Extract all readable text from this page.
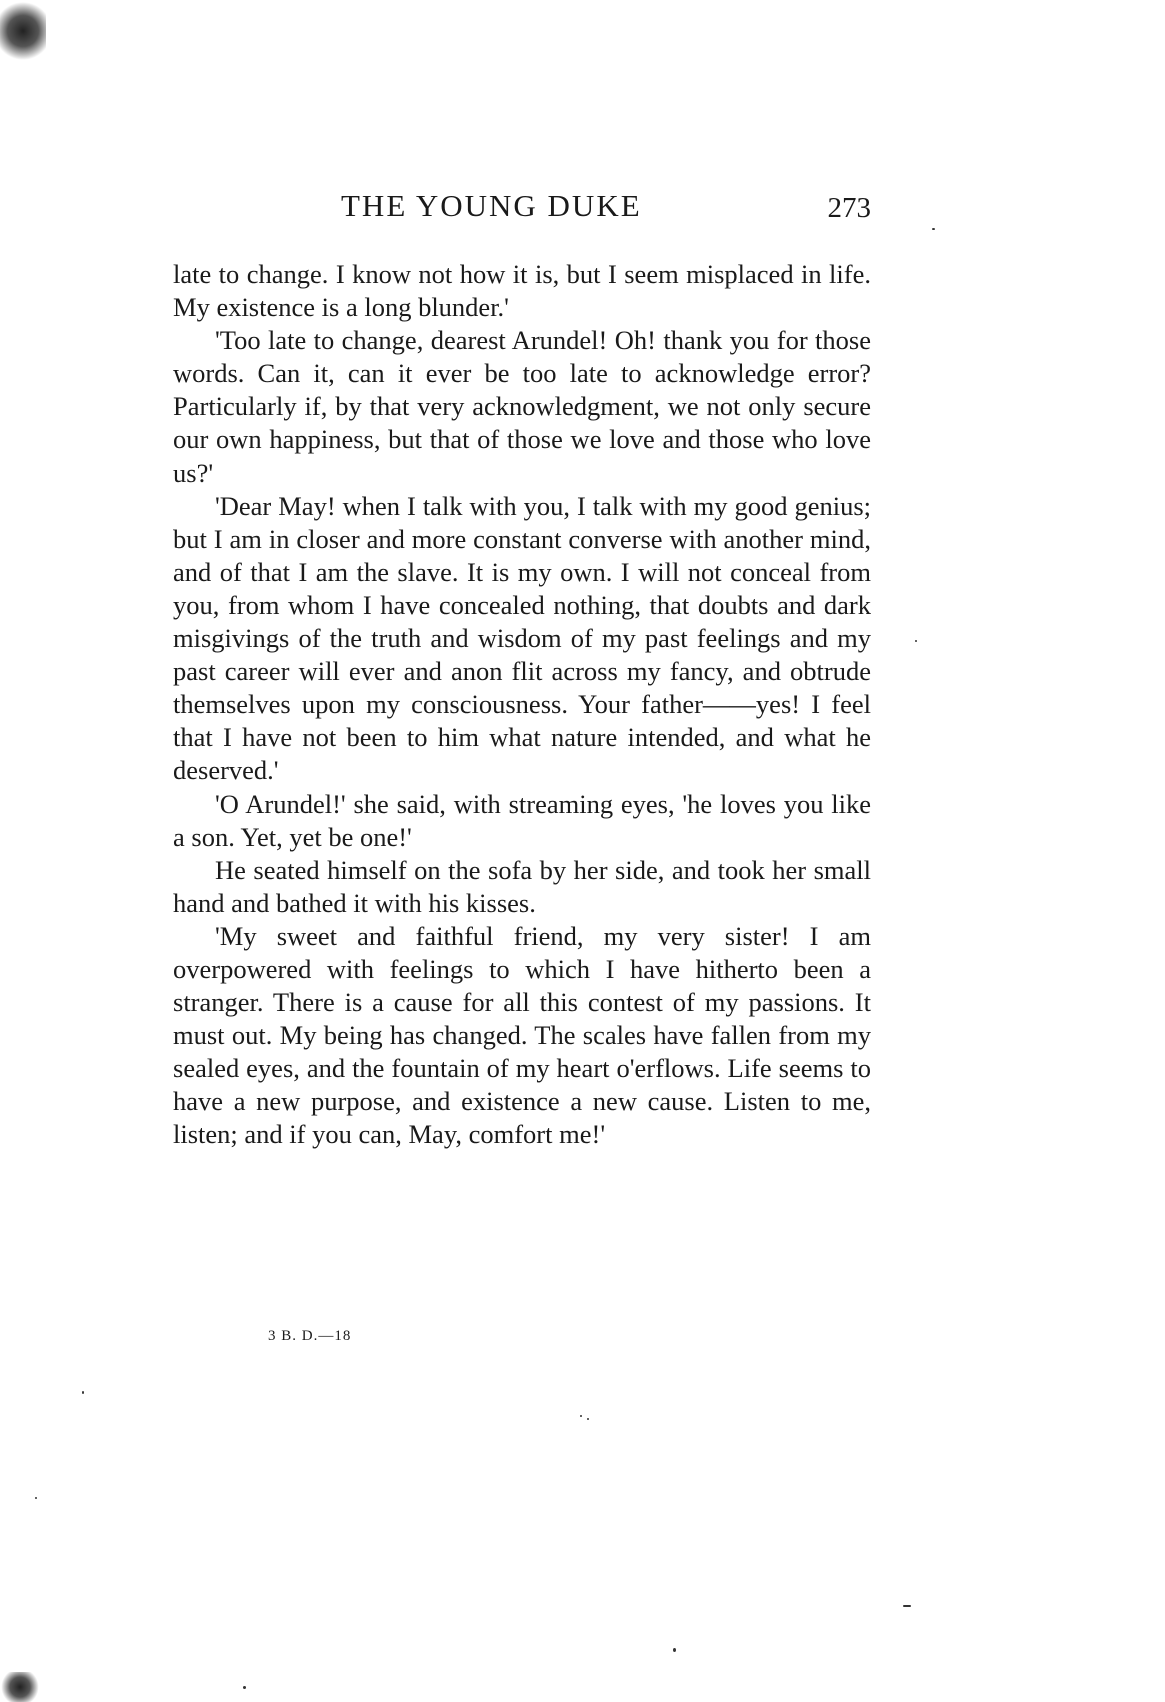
THE YOUNG DUKE	273

late to change. I know not how it is, but I seem misplaced in life. My existence is a long blunder.'

'Too late to change, dearest Arundel! Oh! thank you for those words. Can it, can it ever be too late to acknowledge error? Particularly if, by that very acknowledgment, we not only secure our own happiness, but that of those we love and those who love us?'

'Dear May! when I talk with you, I talk with my good genius; but I am in closer and more constant converse with another mind, and of that I am the slave. It is my own. I will not conceal from you, from whom I have concealed nothing, that doubts and dark misgivings of the truth and wisdom of my past feelings and my past career will ever and anon flit across my fancy, and obtrude themselves upon my consciousness. Your father——yes! I feel that I have not been to him what nature intended, and what he deserved.'

'O Arundel!' she said, with streaming eyes, 'he loves you like a son. Yet, yet be one!'

He seated himself on the sofa by her side, and took her small hand and bathed it with his kisses.

'My sweet and faithful friend, my very sister! I am overpowered with feelings to which I have hitherto been a stranger. There is a cause for all this contest of my passions. It must out. My being has changed. The scales have fallen from my sealed eyes, and the fountain of my heart o'erflows. Life seems to have a new purpose, and existence a new cause. Listen to me, listen; and if you can, May, comfort me!'

3 B. D.—18
